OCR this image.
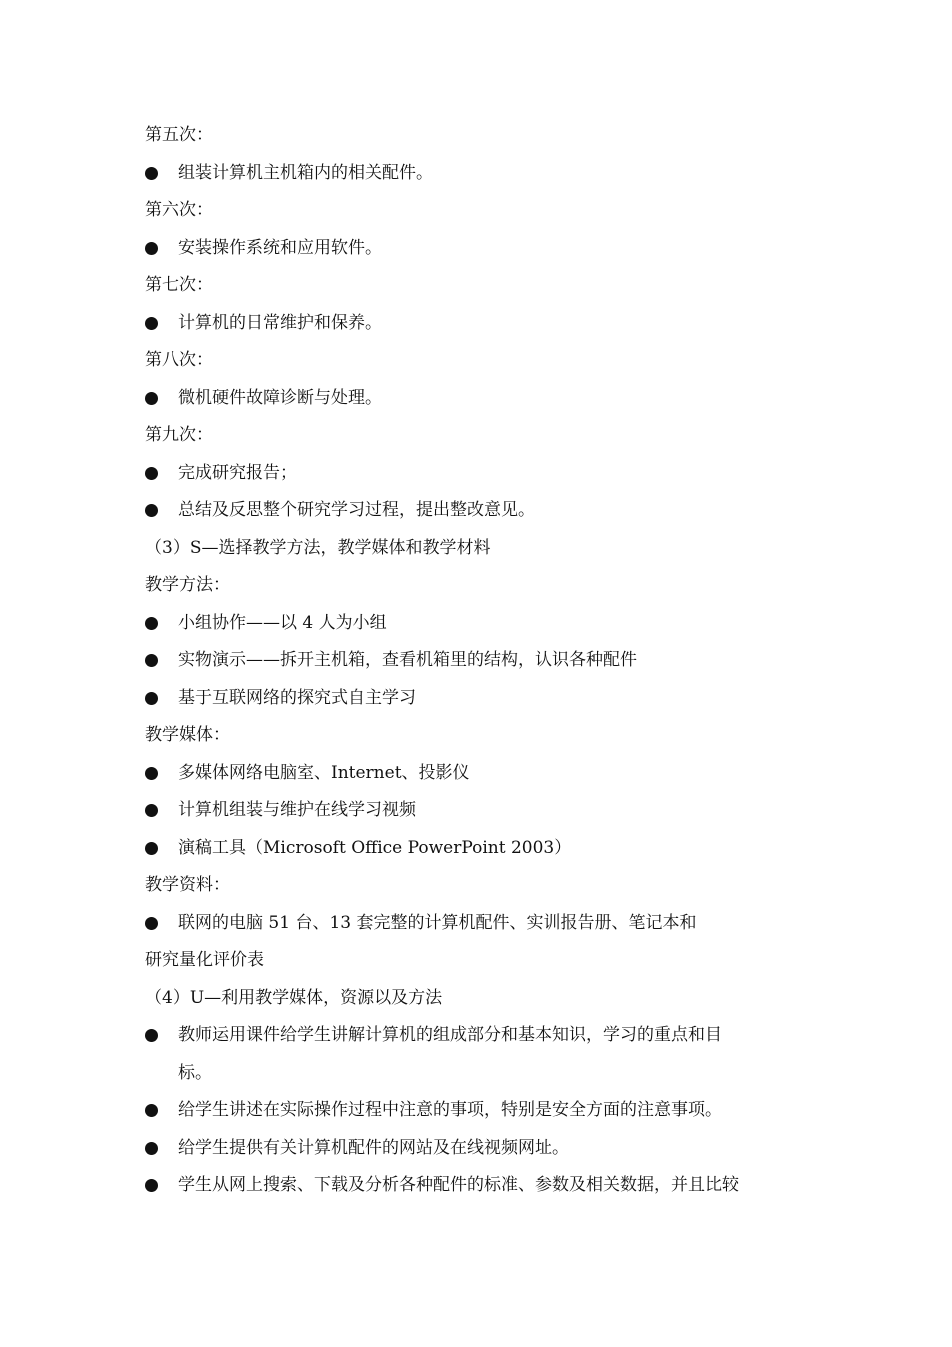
第五次：
组装计算机主机箱内的相关配件。
第六次：
安装操作系统和应用软件。
第七次：
计算机的日常维护和保养。
第八次：
微机硬件故障诊断与处理。
第九次：
完成研究报告；
总结及反思整个研究学习过程，提出整改意见。
（3）S—选择教学方法，教学媒体和教学材料
教学方法：
小组协作——以 4 人为小组
实物演示——拆开主机箱，查看机箱里的结构，认识各种配件
基于互联网络的探究式自主学习
教学媒体：
多媒体网络电脑室、Internet、投影仪
计算机组装与维护在线学习视频
演稿工具（Microsoft Office PowerPoint 2003）
教学资料：
联网的电脑 51 台、13 套完整的计算机配件、实训报告册、笔记本和
研究量化评价表
（4）U—利用教学媒体，资源以及方法
教师运用课件给学生讲解计算机的组成部分和基本知识，学习的重点和目
标。
给学生讲述在实际操作过程中注意的事项，特别是安全方面的注意事项。
给学生提供有关计算机配件的网站及在线视频网址。
学生从网上搜索、下载及分析各种配件的标准、参数及相关数据，并且比较
